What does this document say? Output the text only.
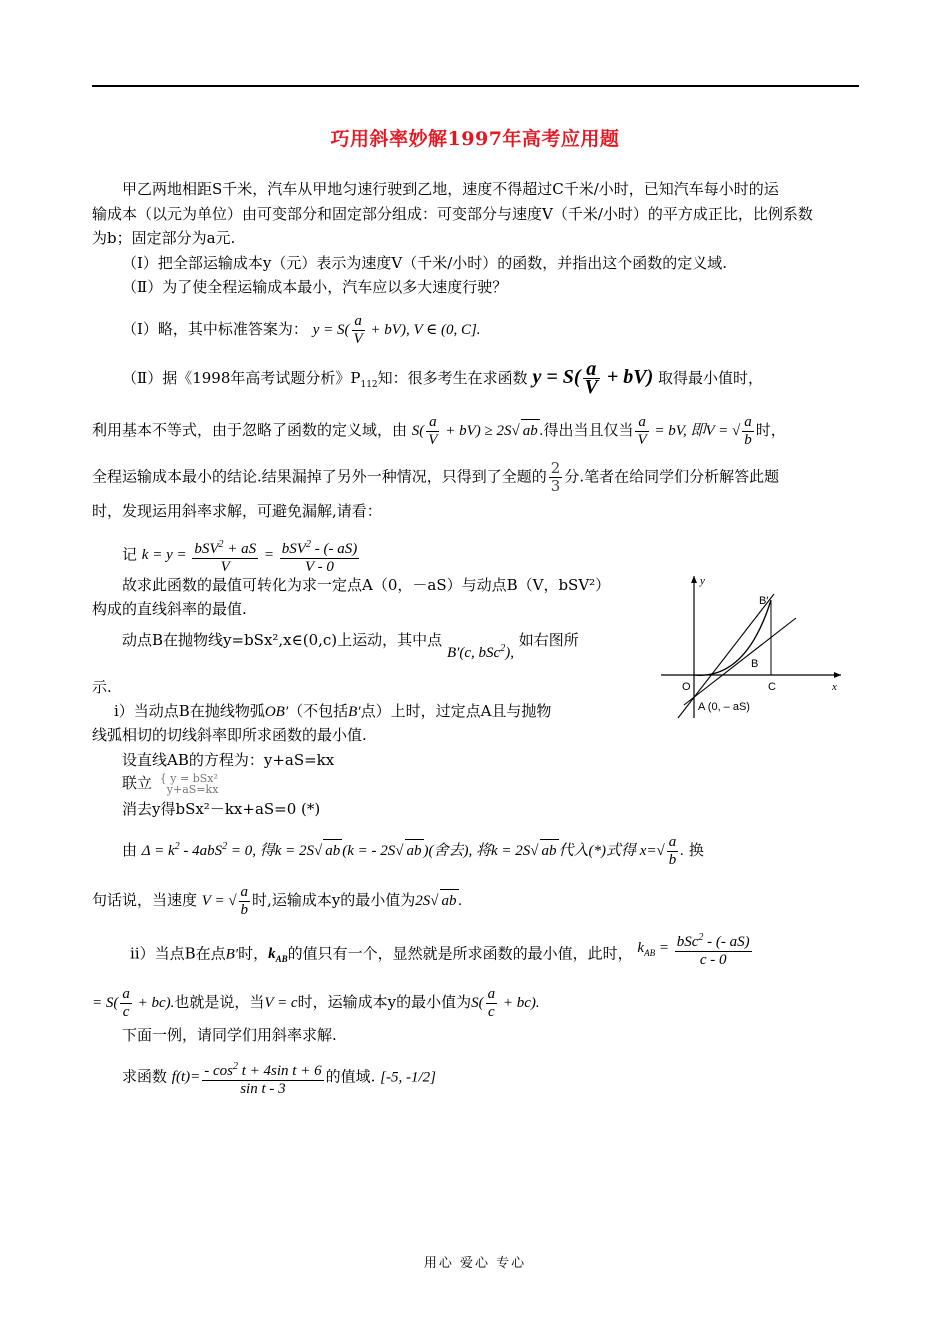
巧用斜率妙解1997年高考应用题
甲乙两地相距S千米，汽车从甲地匀速行驶到乙地，速度不得超过C千米/小时，已知汽车每小时的运
输成本（以元为单位）由可变部分和固定部分组成：可变部分与速度V（千米/小时）的平方成正比，比例系数
为b；固定部分为a元.
（Ⅰ）把全部运输成本y（元）表示为速度V（千米/小时）的函数，并指出这个函数的定义域.
（Ⅱ）为了使全程运输成本最小，汽车应以多大速度行驶？
（Ⅰ）略，其中标准答案为： $y = S( \frac{a}{V} + bV)$, V ∈ (0, C].
（Ⅱ）据《1998年高考试题分析》$P_{112}$知：很多考生在求函数 $y = S( \frac{a}{V} + bV)$ 取得最小值时，
利用基本不等式，由于忽略了函数的定义域，由 $S( \frac{a}{V} + bV) \ge 2S√$ ab .得出当且仅当 $\frac{a}{V}$ = bV, 即V = √ $\frac{a}{b}$ 时，
全程运输成本最小的结论.结果漏掉了另外一种情况，只得到了全题的 $\frac{2}{3}$ 分.笔者在给同学们分析解答此题
时，发现运用斜率求解，可避免漏解,请看：
记 $k = y = \frac{bSV^2 + aS}{V} = \frac{bSV^2 - (- aS)}{V - 0}$
故求此函数的最值可转化为求一定点A（0，－aS）与动点B（V，bSV²）
构成的直线斜率的最值.
动点B在抛物线y=bSx²,x∈(0,c)上运动，其中点 B′(c, bSc$^2$), 如右图所
示.
y
x
O
B
B′
C
A (0, – aS)
ⅰ）当动点B在抛线物弧OB′（不包括B′点）上时，过定点A且与抛物
线弧相切的切线斜率即所求函数的最小值.
设直线AB的方程为：y+aS=kx
联立 { y = bSx²
y+aS=kx
消去y得bSx²－kx+aS=0 (*)
由 $\Delta = k^2 - 4abS^2 = 0$, 得k = 2S√ ab (k = - 2S√ ab )(舍去), 将k = 2S√ ab 代入(*)式得 $x=√ \frac{a}{b}$ . 换
句话说，当速度 V = √ $\frac{a}{b}$ 时,运输成本y的最小值为2S√ ab .
ⅱ）当点B在点B′时，$k_{AB}$的值只有一个，显然就是所求函数的最小值，此时， $k_{AB} = \frac{bSc^2 - (- aS)}{c - 0}$
= $S( \frac{a}{c} + bc)$.也就是说，当V = c时，运输成本y的最小值为$S( \frac{a}{c} + bc)$.
下面一例，请同学们用斜率求解.
求函数 $f(t)= \frac{- \cos^2 t + 4\sin t + 6}{\text{sin t - 3}}$ 的值域. [-5, -1/2]
用心 爱心 专心
